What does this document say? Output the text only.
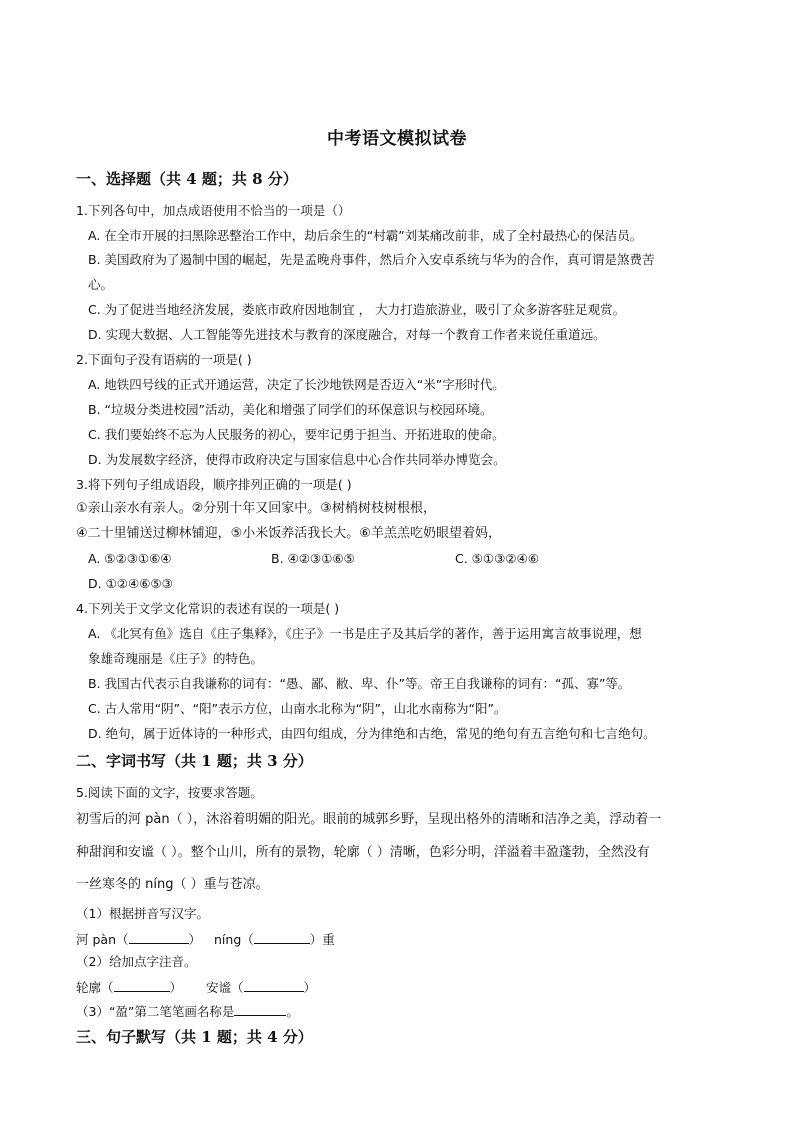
中考语文模拟试卷
一、选择题（共 4 题；共 8 分）
1.下列各句中，加点成语使用不恰当的一项是（）
A. 在全市开展的扫黑除恶整治工作中，劫后余生的“村霸”刘某痛改前非，成了全村最热心的保洁员。
B. 美国政府为了遏制中国的崛起，先是孟晚舟事件，然后介入安卓系统与华为的合作，真可谓是煞费苦
心。
C. 为了促进当地经济发展，娄底市政府因地制宜 ， 大力打造旅游业，吸引了众多游客驻足观赏。
D. 实现大数据、人工智能等先进技术与教育的深度融合，对每一个教育工作者来说任重道远。
2.下面句子没有语病的一项是( )
A. 地铁四号线的正式开通运营，决定了长沙地铁网是否迈入“米”字形时代。
B. “垃圾分类进校园”活动，美化和增强了同学们的环保意识与校园环境。
C. 我们要始终不忘为人民服务的初心，要牢记勇于担当、开拓进取的使命。
D. 为发展数字经济，使得市政府决定与国家信息中心合作共同举办博览会。
3.将下列句子组成语段，顺序排列正确的一项是( )
①亲山亲水有亲人。②分别十年又回家中。③树梢树枝树根根，
④二十里铺送过柳林铺迎，⑤小米饭养活我长大。⑥羊羔羔吃奶眼望着妈，
A. ⑤②③①⑥④	B. ④②③①⑥⑤	C. ⑤①③②④⑥
D. ①②④⑥⑤③
4.下列关于文学文化常识的表述有误的一项是( )
A. 《北冥有鱼》选自《庄子集释》，《庄子》一书是庄子及其后学的著作，善于运用寓言故事说理，想
象雄奇瑰丽是《庄子》的特色。
B. 我国古代表示自我谦称的词有：“愚、鄙、敝、卑、仆”等。帝王自我谦称的词有：“孤、寡”等。
C. 古人常用“阴”、“阳”表示方位，山南水北称为“阴”，山北水南称为“阳”。
D. 绝句，属于近体诗的一种形式，由四句组成，分为律绝和古绝，常见的绝句有五言绝句和七言绝句。
二、字词书写（共 1 题；共 3 分）
5.阅读下面的文字，按要求答题。
初雪后的河 pàn（ ），沐浴着明媚的阳光。眼前的城郭乡野，呈现出格外的清晰和洁净之美，浮动着一
种甜润和安谧（ ）。整个山川，所有的景物，轮廓（ ）清晰，色彩分明，洋溢着丰盈蓬勃，全然没有
一丝寒冬的 níng（ ）重与苍凉。
（1）根据拼音写汉字。
河 pàn（	） níng（	）重
（2）给加点字注音。
轮廓（	） 安谧（	）
（3）“盈”第二笔笔画名称是	。
三、句子默写（共 1 题；共 4 分）
